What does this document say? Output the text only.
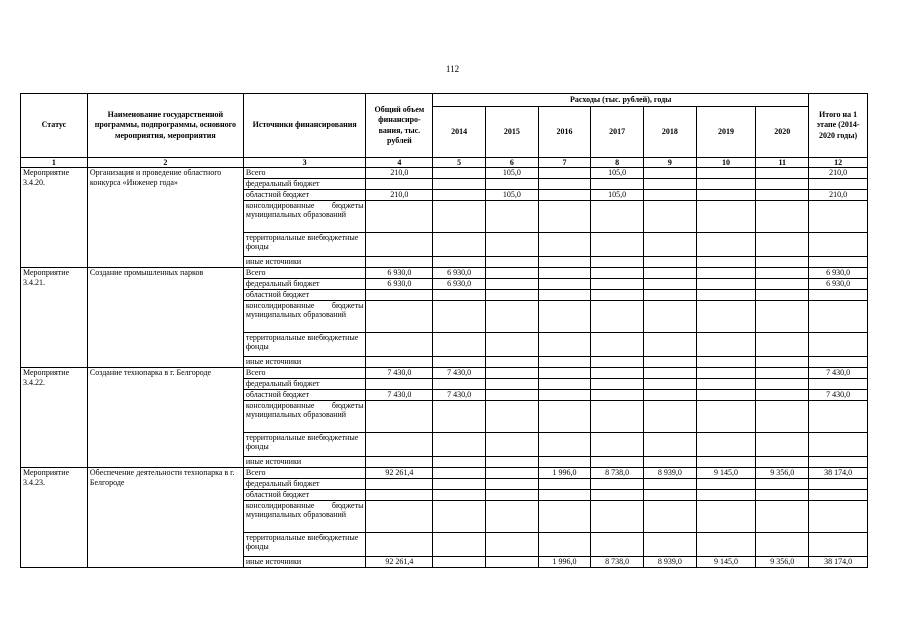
112
Статус	Наименование государственной программы, подпрограммы, основного мероприятия, мероприятия	Источники финансирования	Общий объем финансиро-вания, тыс. рублей	Расходы (тыс. рублей), годы							Итого на 1 этапе (2014-2020 годы)
				2014	2015	2016	2017	2018	2019	2020	
1	2	3	4	5	6	7	8	9	10	11	12
Мероприятие 3.4.20.	Организация и проведение областного конкурса «Инженер года»	Всего	210,0		105,0		105,0				210,0
		федеральный бюджет									
		областной бюджет	210,0		105,0		105,0				210,0
		консолидированные бюджеты муниципальных образований									
		территориальные внебюджетные фонды									
		иные источники									
Мероприятие 3.4.21.	Создание промышленных парков	Всего	6 930,0	6 930,0							6 930,0
		федеральный бюджет	6 930,0	6 930,0							6 930,0
		областной бюджет									
		консолидированные бюджеты муниципальных образований									
		территориальные внебюджетные фонды									
		иные источники									
Мероприятие 3.4.22.	Создание технопарка в г. Белгороде	Всего	7 430,0	7 430,0							7 430,0
		федеральный бюджет									
		областной бюджет	7 430,0	7 430,0							7 430,0
		консолидированные бюджеты муниципальных образований									
		территориальные внебюджетные фонды									
		иные источники									
Мероприятие 3.4.23.	Обеспечение деятельности технопарка в г. Белгороде	Всего	92 261,4			1 996,0	8 738,0	8 939,0	9 145,0	9 356,0	38 174,0
		федеральный бюджет									
		областной бюджет									
		консолидированные бюджеты муниципальных образований									
		территориальные внебюджетные фонды									
		иные источники	92 261,4			1 996,0	8 738,0	8 939,0	9 145,0	9 356,0	38 174,0
